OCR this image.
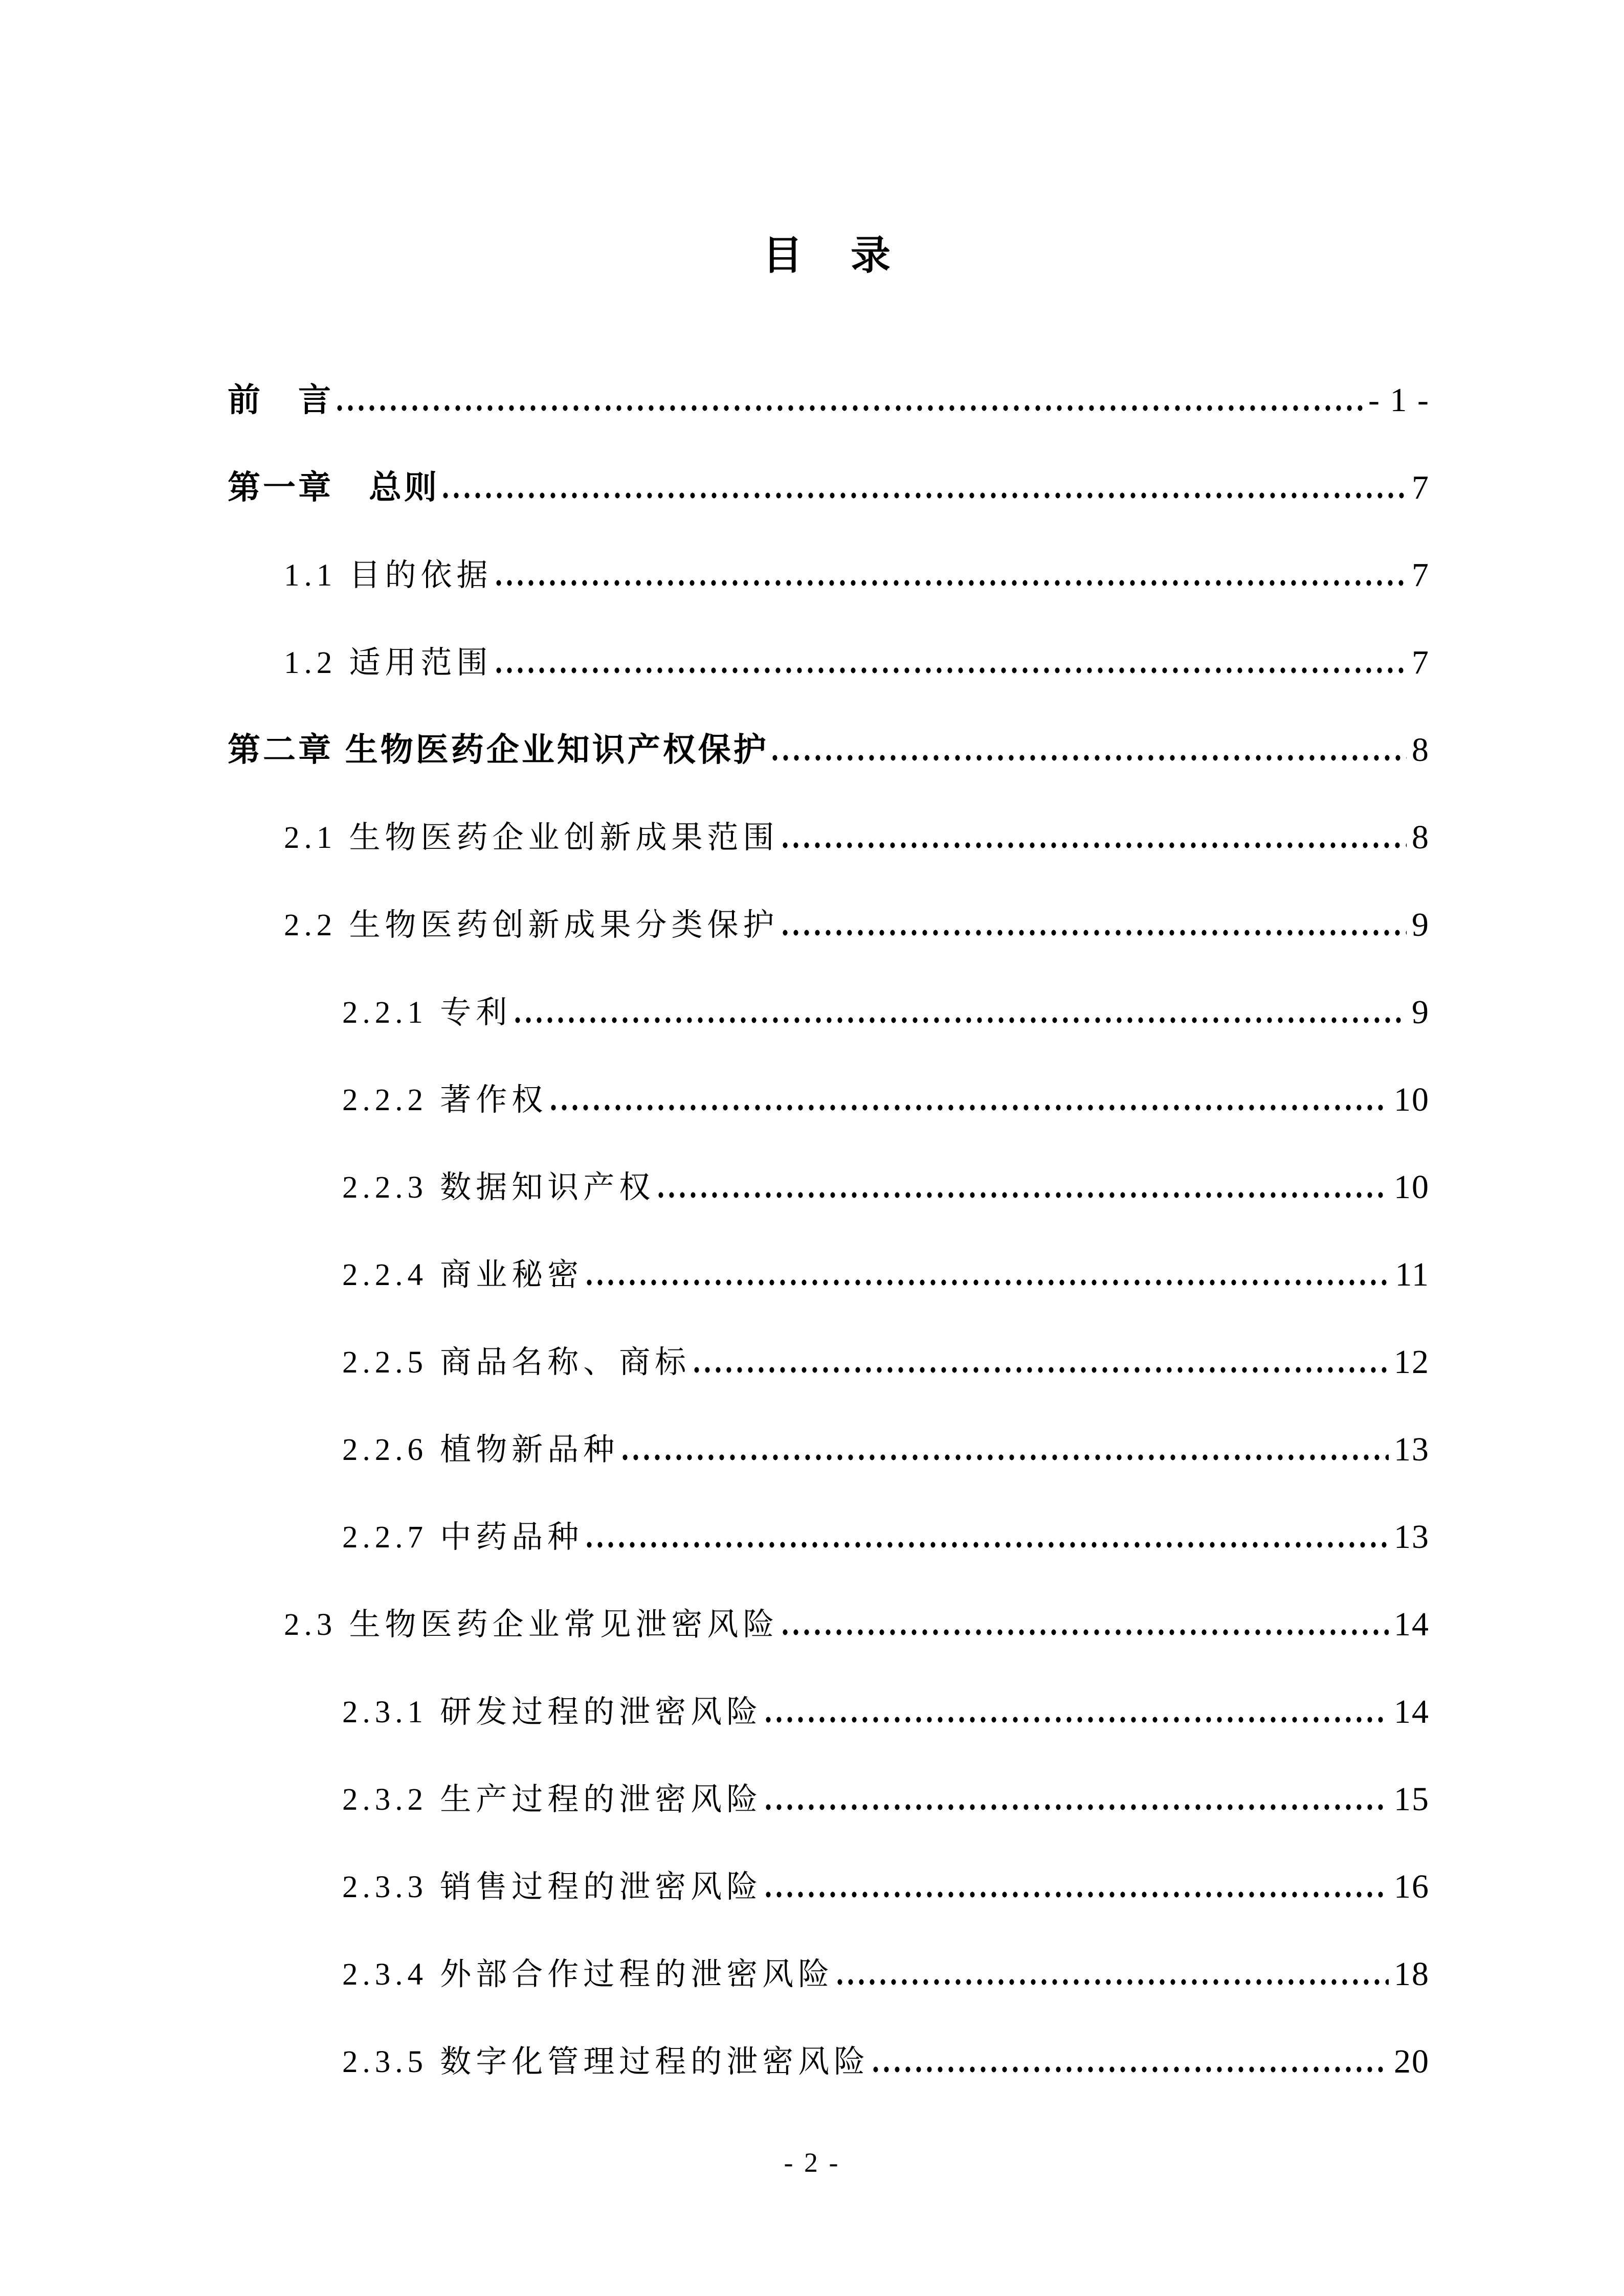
目　录
前　言	- 1 -
第一章　总则	7
1.1 目的依据	7
1.2 适用范围	7
第二章 生物医药企业知识产权保护	8
2.1 生物医药企业创新成果范围	8
2.2 生物医药创新成果分类保护	9
2.2.1 专利	9
2.2.2 著作权	10
2.2.3 数据知识产权	10
2.2.4 商业秘密	11
2.2.5 商品名称、商标	12
2.2.6 植物新品种	13
2.2.7 中药品种	13
2.3 生物医药企业常见泄密风险	14
2.3.1 研发过程的泄密风险	14
2.3.2 生产过程的泄密风险	15
2.3.3 销售过程的泄密风险	16
2.3.4 外部合作过程的泄密风险	18
2.3.5 数字化管理过程的泄密风险	20
- 2 -
